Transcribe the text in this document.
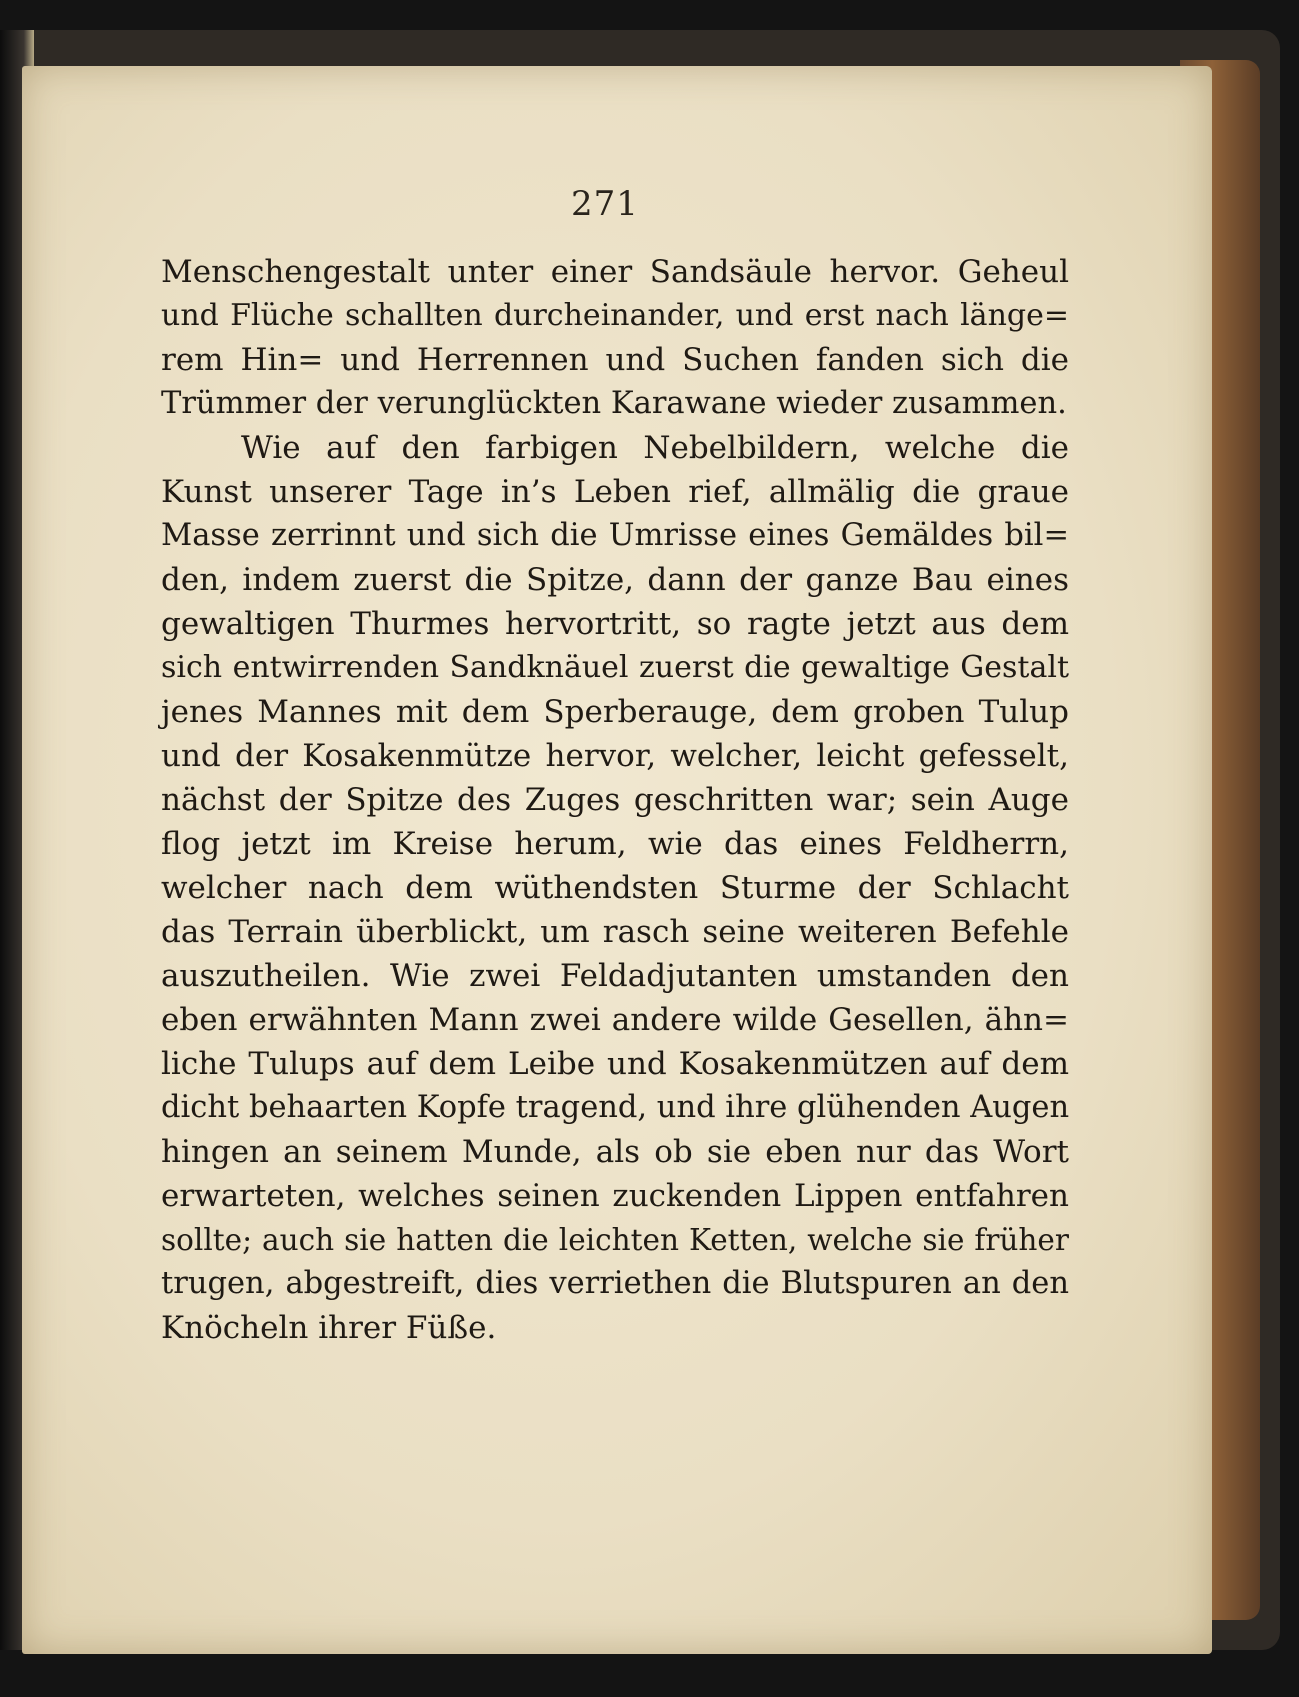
271
Menschengestalt unter einer Sandsäule hervor. Geheul
und Flüche schallten durcheinander, und erst nach länge=
rem Hin= und Herrennen und Suchen fanden sich die
Trümmer der verunglückten Karawane wieder zusammen.
Wie auf den farbigen Nebelbildern, welche die
Kunst unserer Tage in’s Leben rief, allmälig die graue
Masse zerrinnt und sich die Umrisse eines Gemäldes bil=
den, indem zuerst die Spitze, dann der ganze Bau eines
gewaltigen Thurmes hervortritt, so ragte jetzt aus dem
sich entwirrenden Sandknäuel zuerst die gewaltige Gestalt
jenes Mannes mit dem Sperberauge, dem groben Tulup
und der Kosakenmütze hervor, welcher, leicht gefesselt,
nächst der Spitze des Zuges geschritten war; sein Auge
flog jetzt im Kreise herum, wie das eines Feldherrn,
welcher nach dem wüthendsten Sturme der Schlacht
das Terrain überblickt, um rasch seine weiteren Befehle
auszutheilen. Wie zwei Feldadjutanten umstanden den
eben erwähnten Mann zwei andere wilde Gesellen, ähn=
liche Tulups auf dem Leibe und Kosakenmützen auf dem
dicht behaarten Kopfe tragend, und ihre glühenden Augen
hingen an seinem Munde, als ob sie eben nur das Wort
erwarteten, welches seinen zuckenden Lippen entfahren
sollte; auch sie hatten die leichten Ketten, welche sie früher
trugen, abgestreift, dies verriethen die Blutspuren an den
Knöcheln ihrer Füße.
